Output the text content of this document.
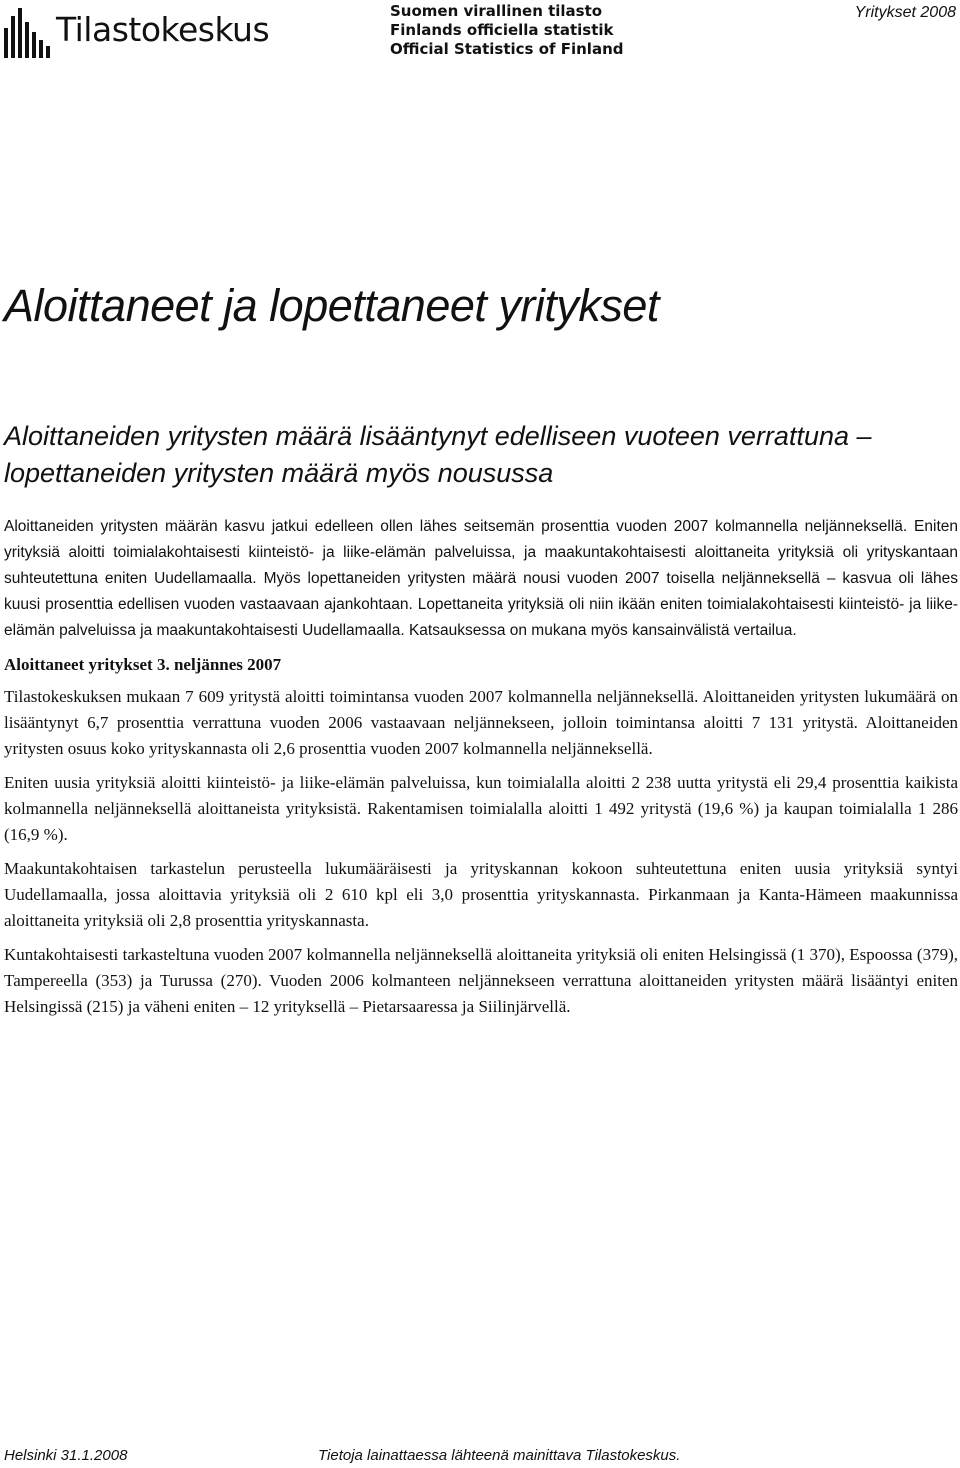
Tilastokeskus	Suomen virallinen tilasto
Finlands officiella statistik
Official Statistics of Finland
Yritykset 2008
Aloittaneet ja lopettaneet yritykset
Aloittaneiden yritysten määrä lisääntynyt edelliseen vuoteen verrattuna – lopettaneiden yritysten määrä myös nousussa

Aloittaneiden yritysten määrän kasvu jatkui edelleen ollen lähes seitsemän prosenttia vuoden 2007 kolmannella neljänneksellä. Eniten yrityksiä aloitti toimialakohtaisesti kiinteistö- ja liike-elämän palveluissa, ja maakuntakohtaisesti aloittaneita yrityksiä oli yrityskantaan suhteutettuna eniten Uudellamaalla. Myös lopettaneiden yritysten määrä nousi vuoden 2007 toisella neljänneksellä – kasvua oli lähes kuusi prosenttia edellisen vuoden vastaavaan ajankohtaan. Lopettaneita yrityksiä oli niin ikään eniten toimialakohtaisesti kiinteistö- ja liike-elämän palveluissa ja maakuntakohtaisesti Uudellamaalla. Katsauksessa on mukana myös kansainvälistä vertailua.

Aloittaneet yritykset 3. neljännes 2007

Tilastokeskuksen mukaan 7 609 yritystä aloitti toimintansa vuoden 2007 kolmannella neljänneksellä. Aloittaneiden yritysten lukumäärä on lisääntynyt 6,7 prosenttia verrattuna vuoden 2006 vastaavaan neljännekseen, jolloin toimintansa aloitti 7 131 yritystä. Aloittaneiden yritysten osuus koko yrityskannasta oli 2,6 prosenttia vuoden 2007 kolmannella neljänneksellä.

Eniten uusia yrityksiä aloitti kiinteistö- ja liike-elämän palveluissa, kun toimialalla aloitti 2 238 uutta yritystä eli 29,4 prosenttia kaikista kolmannella neljänneksellä aloittaneista yrityksistä. Rakentamisen toimialalla aloitti 1 492 yritystä (19,6 %) ja kaupan toimialalla 1 286 (16,9 %).

Maakuntakohtaisen tarkastelun perusteella lukumääräisesti ja yrityskannan kokoon suhteutettuna eniten uusia yrityksiä syntyi Uudellamaalla, jossa aloittavia yrityksiä oli 2 610 kpl eli 3,0 prosenttia yrityskannasta. Pirkanmaan ja Kanta-Hämeen maakunnissa aloittaneita yrityksiä oli 2,8 prosenttia yrityskannasta.

Kuntakohtaisesti tarkasteltuna vuoden 2007 kolmannella neljänneksellä aloittaneita yrityksiä oli eniten Helsingissä (1 370), Espoossa (379), Tampereella (353) ja Turussa (270). Vuoden 2006 kolmanteen neljännekseen verrattuna aloittaneiden yritysten määrä lisääntyi eniten Helsingissä (215) ja väheni eniten – 12 yrityksellä – Pietarsaaressa ja Siilinjärvellä.

Helsinki 31.1.2008	Tietoja lainattaessa lähteenä mainittava Tilastokeskus.
